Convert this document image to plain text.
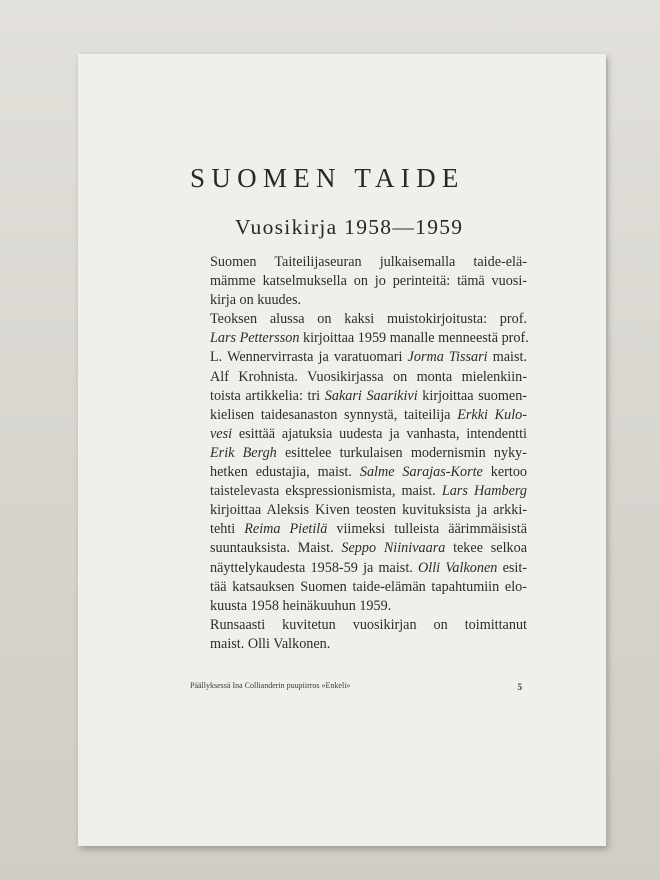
SUOMEN TAIDE
Vuosikirja 1958—1959

Suomen Taiteilijaseuran julkaisemalla taide-elä-
mämme katselmuksella on jo perinteitä: tämä vuosi-
kirja on kuudes.

Teoksen alussa on kaksi muistokirjoitusta: prof.
Lars Pettersson kirjoittaa 1959 manalle menneestä prof.
L. Wennervirrasta ja varatuomari Jorma Tissari maist.
Alf Krohnista. Vuosikirjassa on monta mielenkiin-
toista artikkelia: tri Sakari Saarikivi kirjoittaa suomen-
kielisen taidesanaston synnystä, taiteilija Erkki Kulo-
vesi esittää ajatuksia uudesta ja vanhasta, intendentti
Erik Bergh esittelee turkulaisen modernismin nyky-
hetken edustajia, maist. Salme Sarajas-Korte kertoo
taistelevasta ekspressionismista, maist. Lars Hamberg
kirjoittaa Aleksis Kiven teosten kuvituksista ja arkki-
tehti Reima Pietilä viimeksi tulleista äärimmäisistä
suuntauksista. Maist. Seppo Niinivaara tekee selkoa
näyttelykaudesta 1958-59 ja maist. Olli Valkonen esit-
tää katsauksen Suomen taide-elämän tapahtumiin elo-
kuusta 1958 heinäkuuhun 1959.

Runsaasti kuvitetun vuosikirjan on toimittanut
maist. Olli Valkonen.

Päällyksessä Ina Collianderin puupiirros »Enkeli»	5
